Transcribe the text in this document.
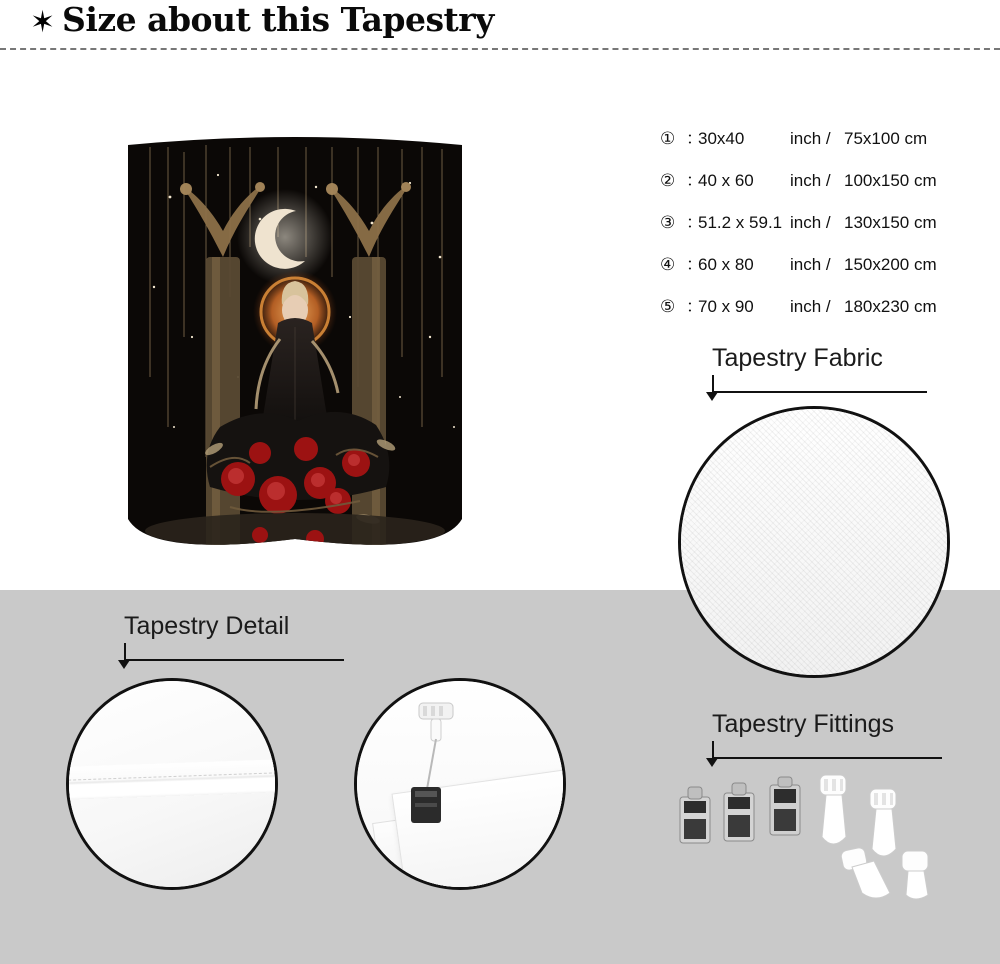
✶ Size about this Tapestry
① ：
30x40	inch / 75x100 cm
② ：
40 x 60	inch / 100x150 cm
③ ：
51.2 x 59.1 inch / 130x150 cm
④ ：
60 x 80	inch / 150x200 cm
⑤ ：
70 x 90	inch / 180x230 cm
Tapestry Fabric
Tapestry Detail
Tapestry Fittings
